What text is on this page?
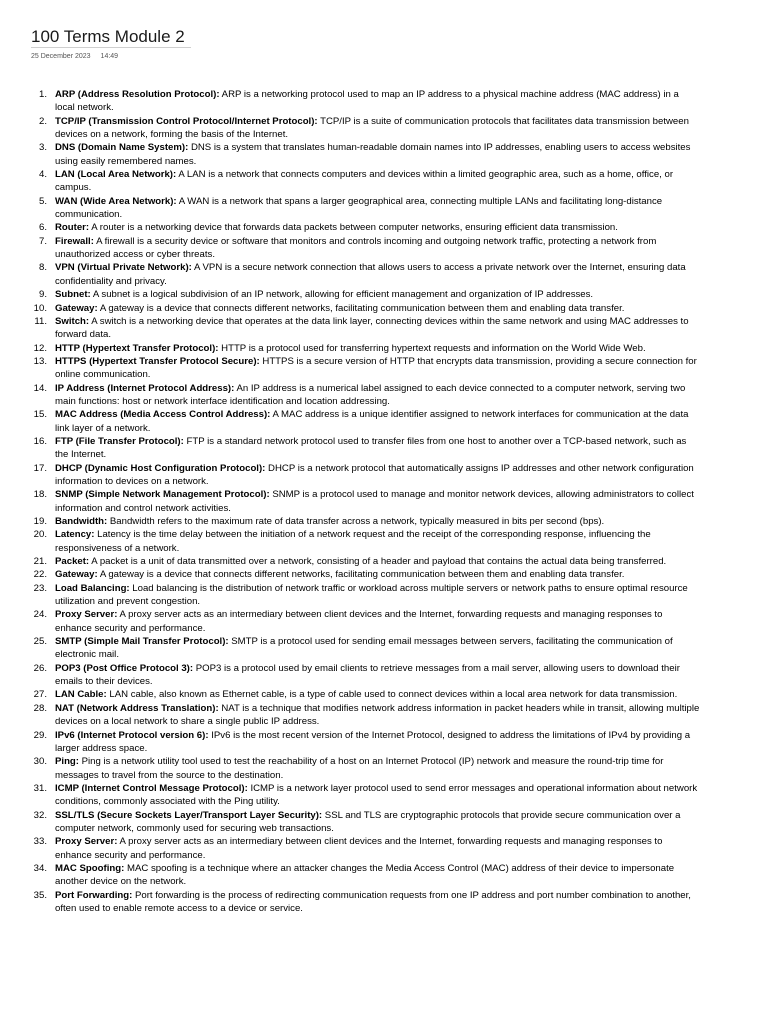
100 Terms Module 2
25 December 2023 14:49
1. ARP (Address Resolution Protocol): ARP is a networking protocol used to map an IP address to a physical machine address (MAC address) in a local network.
2. TCP/IP (Transmission Control Protocol/Internet Protocol): TCP/IP is a suite of communication protocols that facilitates data transmission between devices on a network, forming the basis of the Internet.
3. DNS (Domain Name System): DNS is a system that translates human-readable domain names into IP addresses, enabling users to access websites using easily remembered names.
4. LAN (Local Area Network): A LAN is a network that connects computers and devices within a limited geographic area, such as a home, office, or campus.
5. WAN (Wide Area Network): A WAN is a network that spans a larger geographical area, connecting multiple LANs and facilitating long-distance communication.
6. Router: A router is a networking device that forwards data packets between computer networks, ensuring efficient data transmission.
7. Firewall: A firewall is a security device or software that monitors and controls incoming and outgoing network traffic, protecting a network from unauthorized access or cyber threats.
8. VPN (Virtual Private Network): A VPN is a secure network connection that allows users to access a private network over the Internet, ensuring data confidentiality and privacy.
9. Subnet: A subnet is a logical subdivision of an IP network, allowing for efficient management and organization of IP addresses.
10. Gateway: A gateway is a device that connects different networks, facilitating communication between them and enabling data transfer.
11. Switch: A switch is a networking device that operates at the data link layer, connecting devices within the same network and using MAC addresses to forward data.
12. HTTP (Hypertext Transfer Protocol): HTTP is a protocol used for transferring hypertext requests and information on the World Wide Web.
13. HTTPS (Hypertext Transfer Protocol Secure): HTTPS is a secure version of HTTP that encrypts data transmission, providing a secure connection for online communication.
14. IP Address (Internet Protocol Address): An IP address is a numerical label assigned to each device connected to a computer network, serving two main functions: host or network interface identification and location addressing.
15. MAC Address (Media Access Control Address): A MAC address is a unique identifier assigned to network interfaces for communication at the data link layer of a network.
16. FTP (File Transfer Protocol): FTP is a standard network protocol used to transfer files from one host to another over a TCP-based network, such as the Internet.
17. DHCP (Dynamic Host Configuration Protocol): DHCP is a network protocol that automatically assigns IP addresses and other network configuration information to devices on a network.
18. SNMP (Simple Network Management Protocol): SNMP is a protocol used to manage and monitor network devices, allowing administrators to collect information and control network activities.
19. Bandwidth: Bandwidth refers to the maximum rate of data transfer across a network, typically measured in bits per second (bps).
20. Latency: Latency is the time delay between the initiation of a network request and the receipt of the corresponding response, influencing the responsiveness of a network.
21. Packet: A packet is a unit of data transmitted over a network, consisting of a header and payload that contains the actual data being transferred.
22. Gateway: A gateway is a device that connects different networks, facilitating communication between them and enabling data transfer.
23. Load Balancing: Load balancing is the distribution of network traffic or workload across multiple servers or network paths to ensure optimal resource utilization and prevent congestion.
24. Proxy Server: A proxy server acts as an intermediary between client devices and the Internet, forwarding requests and managing responses to enhance security and performance.
25. SMTP (Simple Mail Transfer Protocol): SMTP is a protocol used for sending email messages between servers, facilitating the communication of electronic mail.
26. POP3 (Post Office Protocol 3): POP3 is a protocol used by email clients to retrieve messages from a mail server, allowing users to download their emails to their devices.
27. LAN Cable: LAN cable, also known as Ethernet cable, is a type of cable used to connect devices within a local area network for data transmission.
28. NAT (Network Address Translation): NAT is a technique that modifies network address information in packet headers while in transit, allowing multiple devices on a local network to share a single public IP address.
29. IPv6 (Internet Protocol version 6): IPv6 is the most recent version of the Internet Protocol, designed to address the limitations of IPv4 by providing a larger address space.
30. Ping: Ping is a network utility tool used to test the reachability of a host on an Internet Protocol (IP) network and measure the round-trip time for messages to travel from the source to the destination.
31. ICMP (Internet Control Message Protocol): ICMP is a network layer protocol used to send error messages and operational information about network conditions, commonly associated with the Ping utility.
32. SSL/TLS (Secure Sockets Layer/Transport Layer Security): SSL and TLS are cryptographic protocols that provide secure communication over a computer network, commonly used for securing web transactions.
33. Proxy Server: A proxy server acts as an intermediary between client devices and the Internet, forwarding requests and managing responses to enhance security and performance.
34. MAC Spoofing: MAC spoofing is a technique where an attacker changes the Media Access Control (MAC) address of their device to impersonate another device on the network.
35. Port Forwarding: Port forwarding is the process of redirecting communication requests from one IP address and port number combination to another, often used to enable remote access to a device or service.
